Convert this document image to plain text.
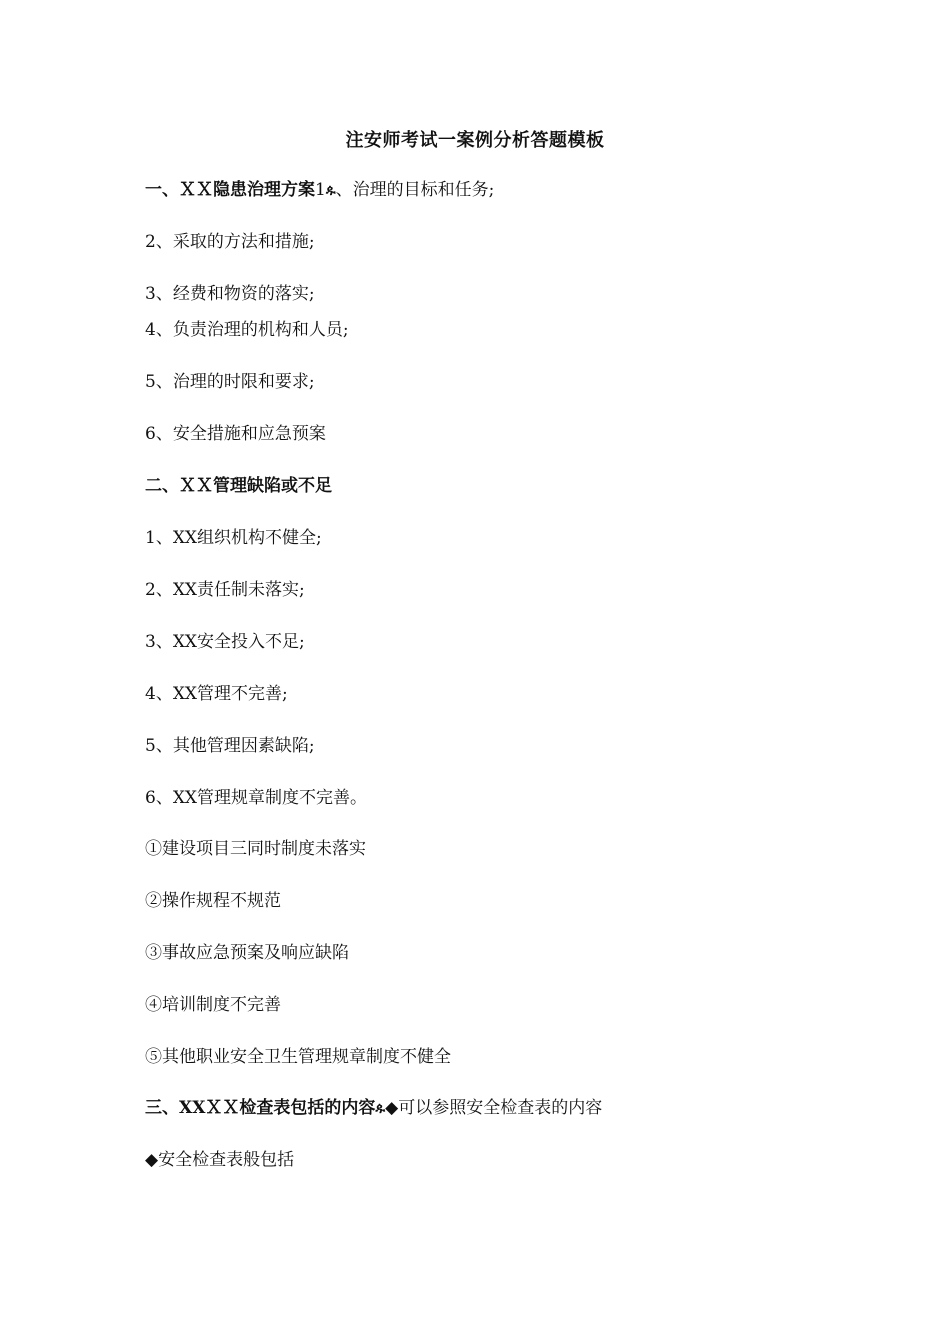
注安师考试一案例分析答题模板
一、ＸＸ隐患治理方案1ዹ、治理的目标和任务;
2、采取的方法和措施;
3、经费和物资的落实;
4、负责治理的机构和人员;
5、治理的时限和要求;
6、安全措施和应急预案
二、ＸＸ管理缺陷或不足
1、XX组织机构不健全;
2、XX责任制未落实;
3、XX安全投入不足;
4、XX管理不完善;
5、其他管理因素缺陷;
6、XX管理规章制度不完善。
①建设项目三同时制度未落实
②操作规程不规范
③事故应急预案及响应缺陷
④培训制度不完善
⑤其他职业安全卫生管理规章制度不健全
三、XXＸＸ检查表包括的内容ዹ◆可以参照安全检查表的内容
◆安全检查表般包括
